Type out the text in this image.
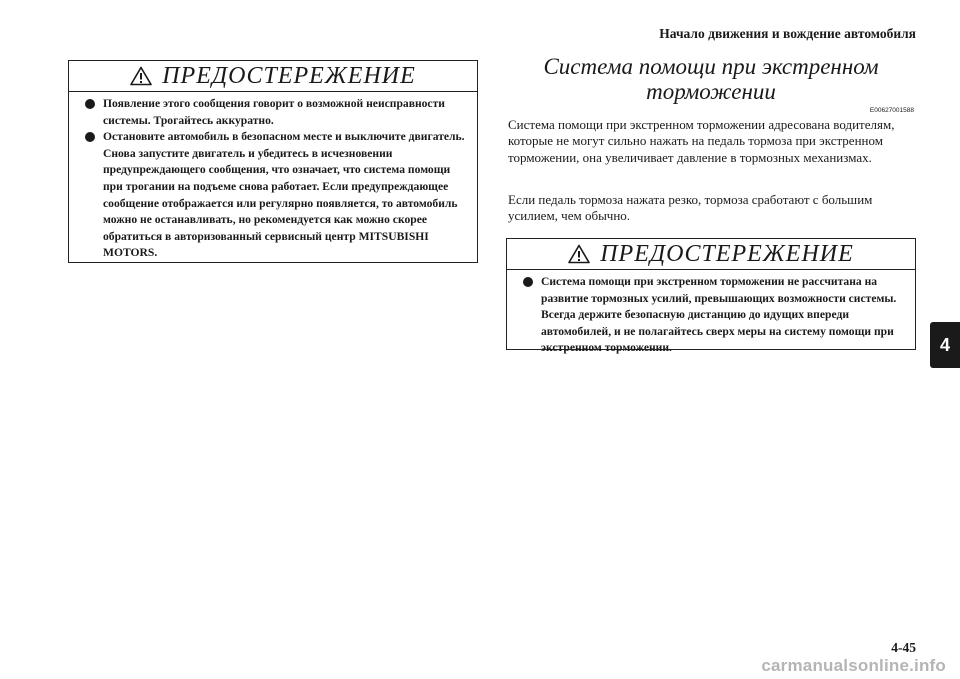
Начало движения и вождение автомобиля
4
ПРЕДОСТЕРЕЖЕНИЕ
Появление этого сообщения говорит о возможной неисправности системы. Трогайтесь аккуратно.
Остановите автомобиль в безопасном месте и выключите двигатель. Снова запустите двигатель и убедитесь в исчезновении предупреждающего сообщения, что означает, что система помощи при трогании на подъеме снова работает. Если предупреждающее сообщение отображается или регулярно появляется, то автомобиль можно не останавливать, но рекомендуется как можно скорее обратиться в авторизованный сервисный центр MITSUBISHI MOTORS.
Система помощи при экстренном торможении
E00627001588
Система помощи при экстренном торможении адресована водителям, которые не могут сильно нажать на педаль тормоза при экстренном торможении, она увеличивает давление в тормозных механизмах.
Если педаль тормоза нажата резко, тормоза сработают с большим усилием, чем обычно.
ПРЕДОСТЕРЕЖЕНИЕ
Система помощи при экстренном торможении не рассчитана на развитие тормозных усилий, превышающих возможности системы. Всегда держите безопасную дистанцию до идущих впереди автомобилей, и не полагайтесь сверх меры на систему помощи при экстренном торможении.
4-45
carmanualsonline.info
